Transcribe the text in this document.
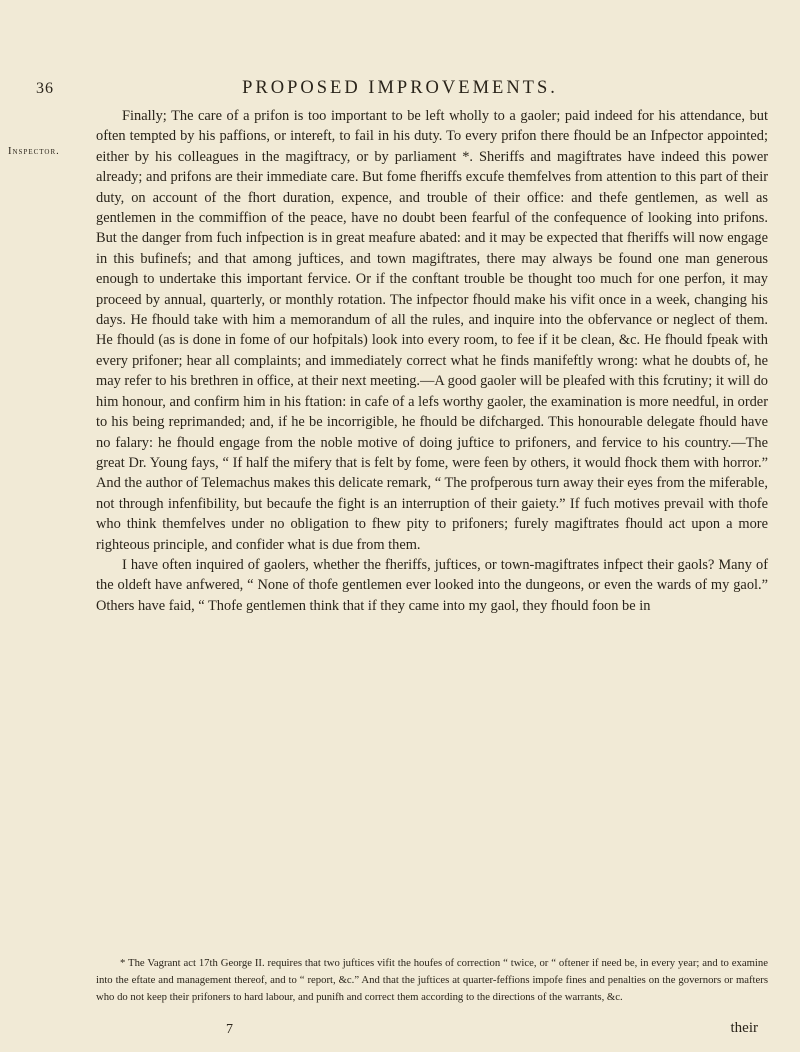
36	PROPOSED IMPROVEMENTS.
Inspector.

Finally; The care of a prifon is too important to be left wholly to a gaoler; paid indeed for his attendance, but often tempted by his paffions, or intereft, to fail in his duty. To every prifon there fhould be an Infpector appointed; either by his colleagues in the magiftracy, or by parliament *. Sheriffs and magiftrates have indeed this power already; and prifons are their immediate care. But fome fheriffs excufe themfelves from attention to this part of their duty, on account of the fhort duration, expence, and trouble of their office: and thefe gentlemen, as well as gentlemen in the commiffion of the peace, have no doubt been fearful of the confequence of looking into prifons. But the danger from fuch infpection is in great meafure abated: and it may be expected that fheriffs will now engage in this bufinefs; and that among juftices, and town magiftrates, there may always be found one man generous enough to undertake this important fervice. Or if the conftant trouble be thought too much for one perfon, it may proceed by annual, quarterly, or monthly rotation. The infpector fhould make his vifit once in a week, changing his days. He fhould take with him a memorandum of all the rules, and inquire into the obfervance or neglect of them. He fhould (as is done in fome of our hofpitals) look into every room, to fee if it be clean, &c. He fhould fpeak with every prifoner; hear all complaints; and immediately correct what he finds manifeftly wrong: what he doubts of, he may refer to his brethren in office, at their next meeting.—A good gaoler will be pleafed with this fcrutiny; it will do him honour, and confirm him in his ftation: in cafe of a lefs worthy gaoler, the examination is more needful, in order to his being reprimanded; and, if he be incorrigible, he fhould be difcharged. This honourable delegate fhould have no falary: he fhould engage from the noble motive of doing juftice to prifoners, and fervice to his country.—The great Dr. Young fays, “ If half the mifery that is felt by fome, were feen by others, it would fhock them with horror.” And the author of Telemachus makes this delicate remark, “ The profperous turn away their eyes from the miferable, not through infenfibility, but becaufe the fight is an interruption of their gaiety.” If fuch motives prevail with thofe who think themfelves under no obligation to fhew pity to prifoners; furely magiftrates fhould act upon a more righteous principle, and confider what is due from them.

I have often inquired of gaolers, whether the fheriffs, juftices, or town-magiftrates infpect their gaols? Many of the oldeft have anfwered, “ None of thofe gentlemen ever looked into the dungeons, or even the wards of my gaol.” Others have faid, “ Thofe gentlemen think that if they came into my gaol, they fhould foon be in

* The Vagrant act 17th George II. requires that two juftices vifit the houfes of correction “ twice, or “ oftener if need be, in every year; and to examine into the eftate and management thereof, and to “ report, &c.” And that the juftices at quarter-feffions impofe fines and penalties on the governors or mafters who do not keep their prifoners to hard labour, and punifh and correct them according to the directions of the warrants, &c.

7	their
